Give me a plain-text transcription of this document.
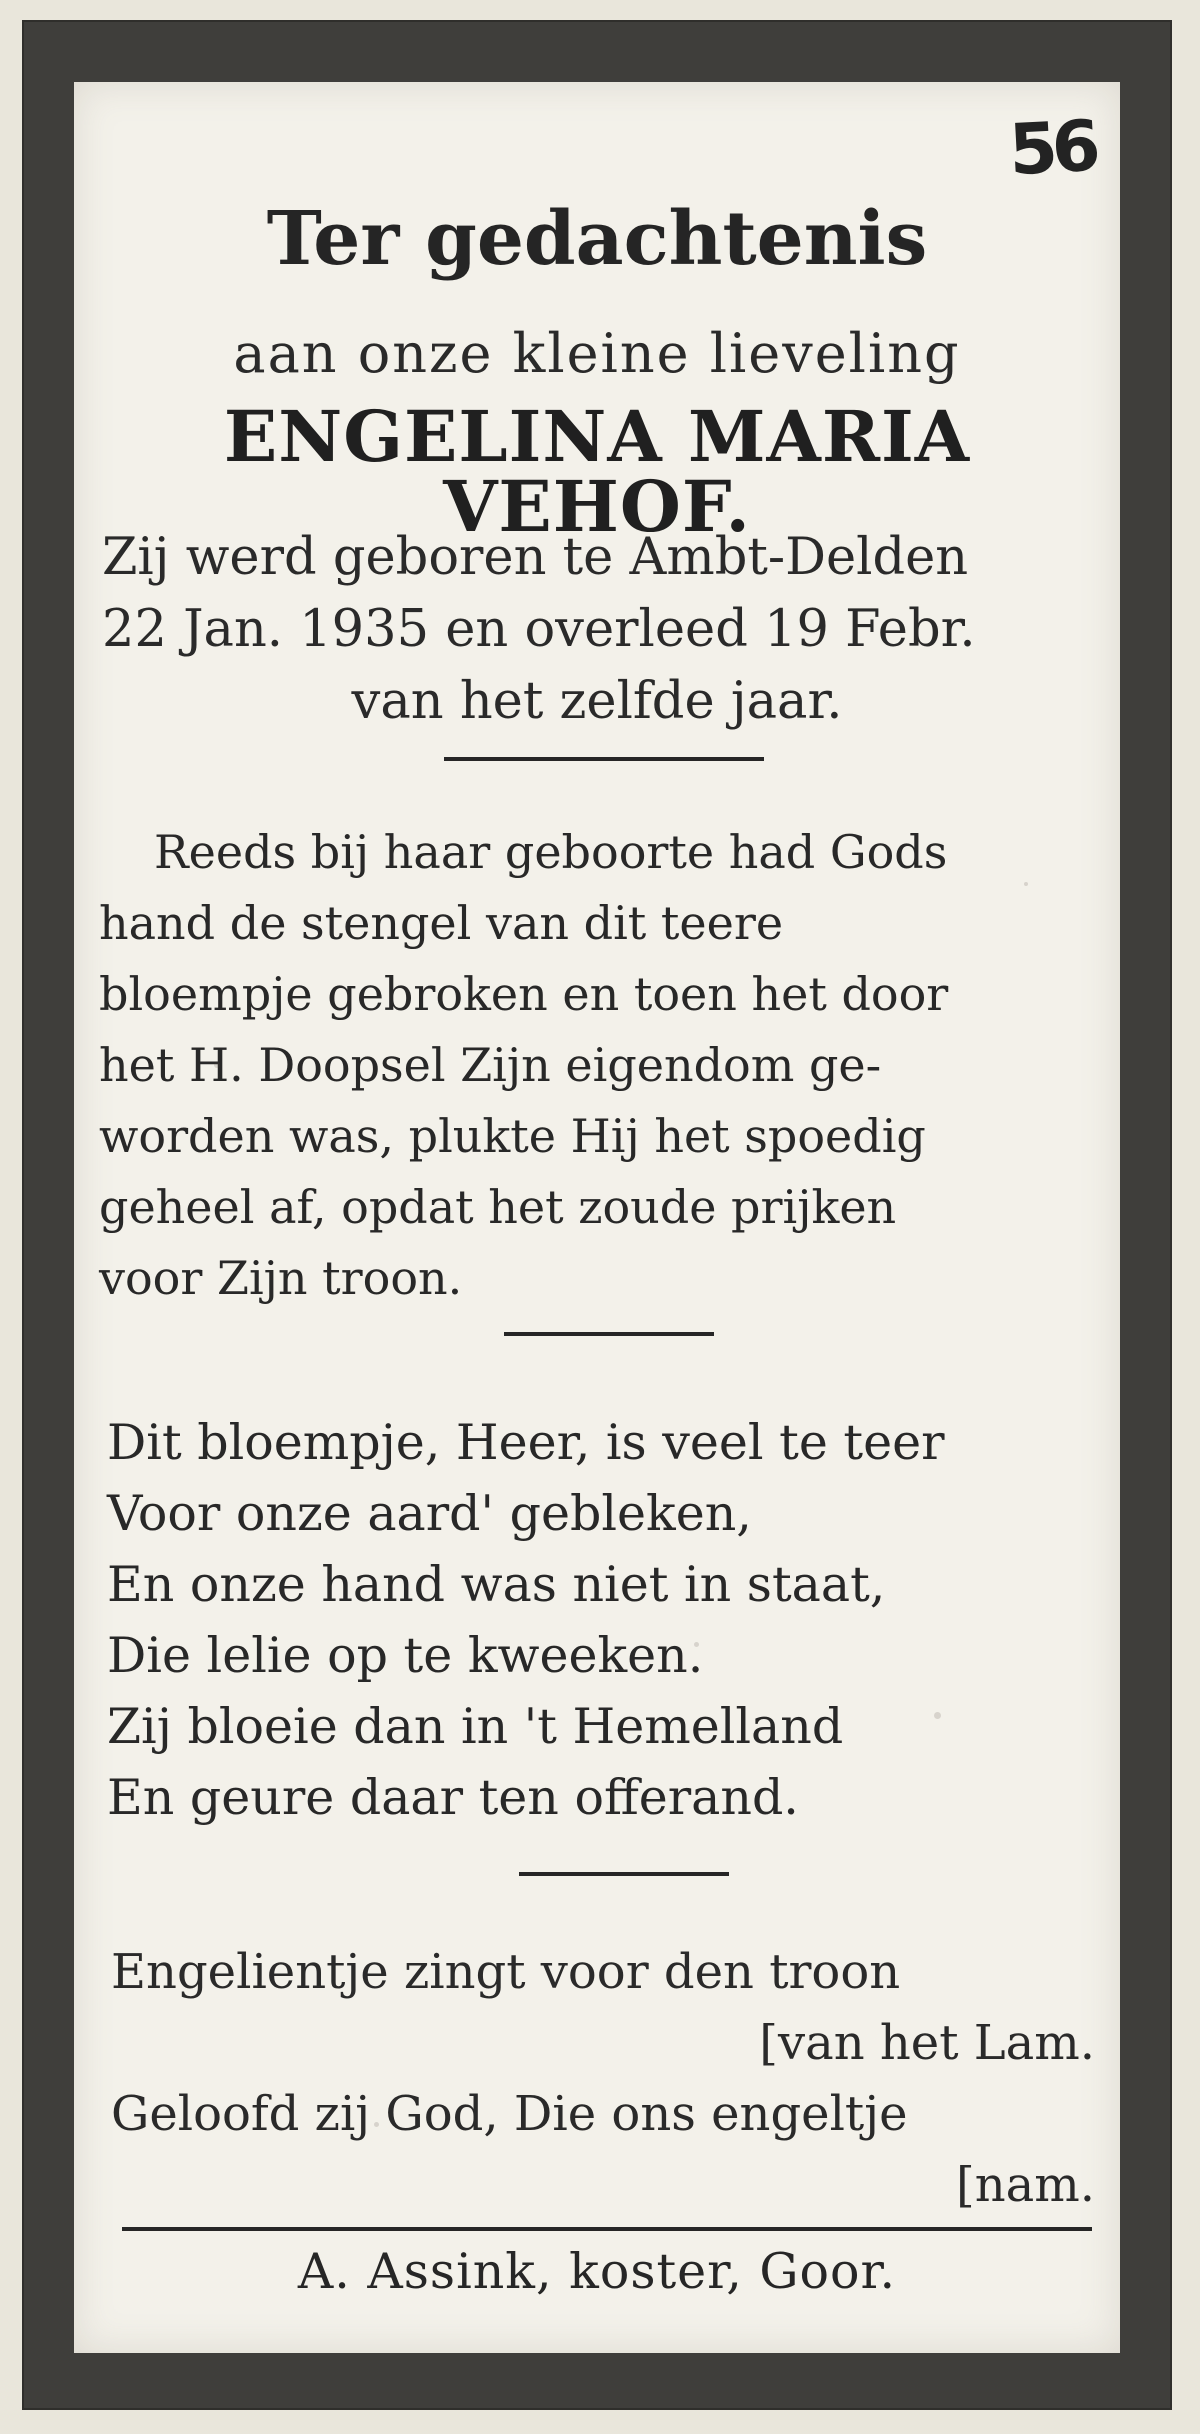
56
Ter gedachtenis
aan onze kleine lieveling
ENGELINA MARIA VEHOF.
Zij werd geboren te Ambt-Delden
22 Jan. 1935 en overleed 19 Febr.
van het zelfde jaar.
Reeds bij haar geboorte had Gods
hand de stengel van dit teere
bloempje gebroken en toen het door
het H. Doopsel Zijn eigendom ge-
worden was, plukte Hij het spoedig
geheel af, opdat het zoude prijken
voor Zijn troon.
Dit bloempje, Heer, is veel te teer
Voor onze aard' gebleken,
En onze hand was niet in staat,
Die lelie op te kweeken.
Zij bloeie dan in 't Hemelland
En geure daar ten offerand.
Engelientje zingt voor den troon
[van het Lam.
Geloofd zij God, Die ons engeltje
[nam.
A. Assink, koster, Goor.
